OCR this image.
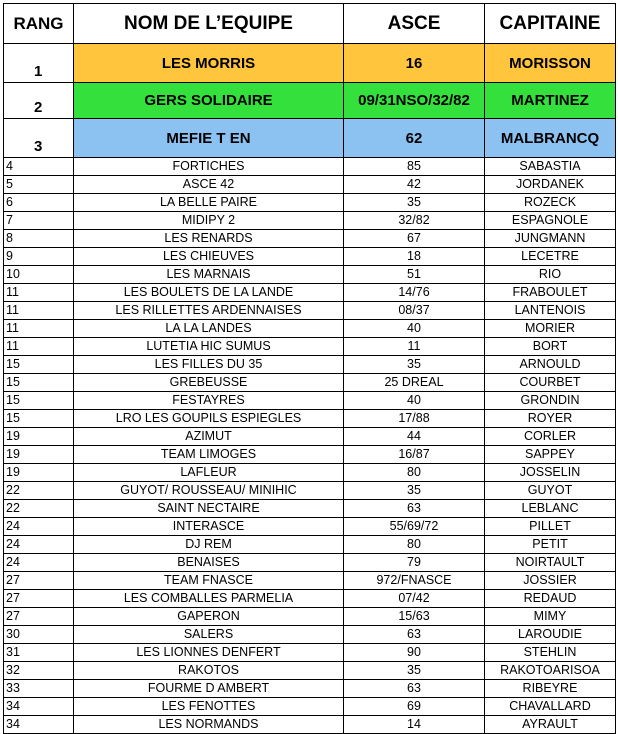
RANG	NOM DE L’EQUIPE	ASCE	CAPITAINE
1	LES MORRIS	16	MORISSON
2	GERS SOLIDAIRE	09/31NSO/32/82	MARTINEZ
3	MEFIE T EN	62	MALBRANCQ
4	FORTICHES	85	SABASTIA
5	ASCE 42	42	JORDANEK
6	LA BELLE PAIRE	35	ROZECK
7	MIDIPY 2	32/82	ESPAGNOLE
8	LES RENARDS	67	JUNGMANN
9	LES CHIEUVES	18	LECETRE
10	LES MARNAIS	51	RIO
11	LES BOULETS DE LA LANDE	14/76	FRABOULET
11	LES RILLETTES ARDENNAISES	08/37	LANTENOIS
11	LA LA LANDES	40	MORIER
11	LUTETIA HIC SUMUS	11	BORT
15	LES FILLES DU 35	35	ARNOULD
15	GREBEUSSE	25 DREAL	COURBET
15	FESTAYRES	40	GRONDIN
15	LRO LES GOUPILS ESPIEGLES	17/88	ROYER
19	AZIMUT	44	CORLER
19	TEAM LIMOGES	16/87	SAPPEY
19	LAFLEUR	80	JOSSELIN
22	GUYOT/ ROUSSEAU/ MINIHIC	35	GUYOT
22	SAINT NECTAIRE	63	LEBLANC
24	INTERASCE	55/69/72	PILLET
24	DJ REM	80	PETIT
24	BENAISES	79	NOIRTAULT
27	TEAM FNASCE	972/FNASCE	JOSSIER
27	LES COMBALLES PARMELIA	07/42	REDAUD
27	GAPERON	15/63	MIMY
30	SALERS	63	LAROUDIE
31	LES LIONNES DENFERT	90	STEHLIN
32	RAKOTOS	35	RAKOTOARISOA
33	FOURME D AMBERT	63	RIBEYRE
34	LES FENOTTES	69	CHAVALLARD
34	LES NORMANDS	14	AYRAULT
